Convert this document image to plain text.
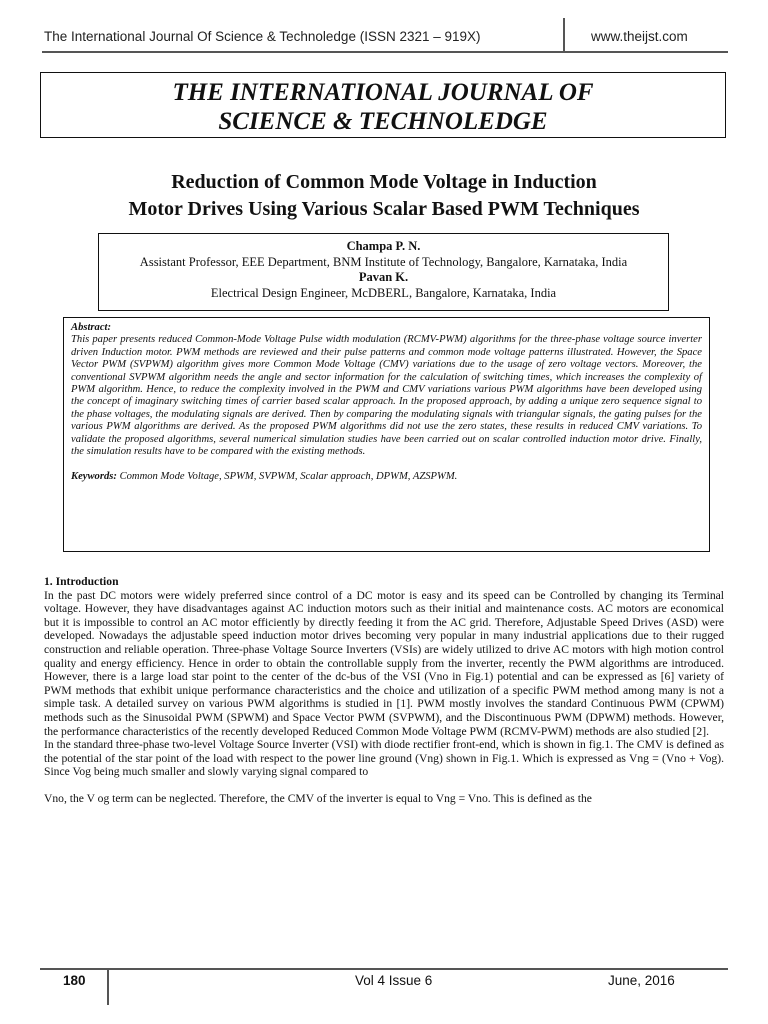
The International Journal Of Science & Technoledge (ISSN 2321 – 919X)	www.theijst.com
THE INTERNATIONAL JOURNAL OF
SCIENCE & TECHNOLEDGE
Reduction of Common Mode Voltage in Induction
Motor Drives Using Various Scalar Based PWM Techniques
Champa P. N.
Assistant Professor, EEE Department, BNM Institute of Technology, Bangalore, Karnataka, India
Pavan K.
Electrical Design Engineer, McDBERL, Bangalore, Karnataka, India
Abstract:
This paper presents reduced Common-Mode Voltage Pulse width modulation (RCMV-PWM) algorithms for the three-phase voltage source inverter driven Induction motor. PWM methods are reviewed and their pulse patterns and common mode voltage patterns illustrated. However, the Space Vector PWM (SVPWM) algorithm gives more Common Mode Voltage (CMV) variations due to the usage of zero voltage vectors. Moreover, the conventional SVPWM algorithm needs the angle and sector information for the calculation of switching times, which increases the complexity of PWM algorithm. Hence, to reduce the complexity involved in the PWM and CMV variations various PWM algorithms have been developed using the concept of imaginary switching times of carrier based scalar approach. In the proposed approach, by adding a unique zero sequence signal to the phase voltages, the modulating signals are derived. Then by comparing the modulating signals with triangular signals, the gating pulses for the various PWM algorithms are derived. As the proposed PWM algorithms did not use the zero states, these results in reduced CMV variations. To validate the proposed algorithms, several numerical simulation studies have been carried out on scalar controlled induction motor drive. Finally, the simulation results have to be compared with the existing methods.
Keywords: Common Mode Voltage, SPWM, SVPWM, Scalar approach, DPWM, AZSPWM.
1. Introduction

In the past DC motors were widely preferred since control of a DC motor is easy and its speed can be Controlled by changing its Terminal voltage. However, they have disadvantages against AC induction motors such as their initial and maintenance costs. AC motors are economical but it is impossible to control an AC motor efficiently by directly feeding it from the AC grid. Therefore, Adjustable Speed Drives (ASD) were developed. Nowadays the adjustable speed induction motor drives becoming very popular in many industrial applications due to their rugged construction and reliable operation. Three-phase Voltage Source Inverters (VSIs) are widely utilized to drive AC motors with high motion control quality and energy efficiency. Hence in order to obtain the controllable supply from the inverter, recently the PWM algorithms are introduced. However, there is a large load star point to the center of the dc-bus of the VSI (Vno in Fig.1) potential and can be expressed as [6] variety of PWM methods that exhibit unique performance characteristics and the choice and utilization of a specific PWM method among many is not a simple task. A detailed survey on various PWM algorithms is studied in [1]. PWM mostly involves the standard Continuous PWM (CPWM) methods such as the Sinusoidal PWM (SPWM) and Space Vector PWM (SVPWM), and the Discontinuous PWM (DPWM) methods. However, the performance characteristics of the recently developed Reduced Common Mode Voltage PWM (RCMV-PWM) methods are also studied [2].

In the standard three-phase two-level Voltage Source Inverter (VSI) with diode rectifier front-end, which is shown in fig.1. The CMV is defined as the potential of the star point of the load with respect to the power line ground (Vng) shown in Fig.1. Which is expressed as Vng = (Vno + Vog). Since Vog being much smaller and slowly varying signal compared to

Vno, the V og term can be neglected. Therefore, the CMV of the inverter is equal to Vng = Vno. This is defined as the

180	Vol 4 Issue 6	June, 2016
